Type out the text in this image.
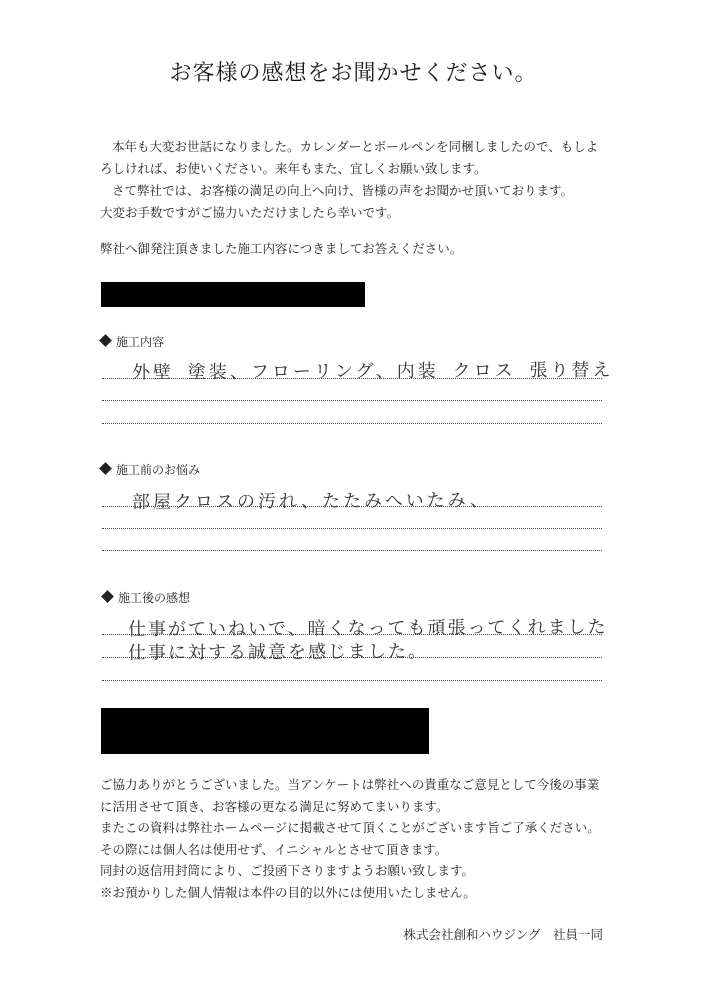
お客様の感想をお聞かせください。

本年も大変お世話になりました。カレンダーとボールペンを同梱しましたので、もしよ

ろしければ、お使いください。来年もまた、宜しくお願い致します。

さて弊社では、お客様の満足の向上へ向け、皆様の声をお聞かせ頂いております。

大変お手数ですがご協力いただけましたら幸いです。

弊社へ御発注頂きました施工内容につきましてお答えください。

施工内容
外壁 塗装、フローリング、内装 クロス 張り替え
施工前のお悩み
部屋クロスの汚れ、たたみへいたみ、
施工後の感想
仕事がていねいで、暗くなっても頑張ってくれました
仕事に対する誠意を感じました。

ご協力ありがとうございました。当アンケートは弊社への貴重なご意見として今後の事業

に活用させて頂き、お客様の更なる満足に努めてまいります。

またこの資料は弊社ホームページに掲載させて頂くことがございます旨ご了承ください。

その際には個人名は使用せず、イニシャルとさせて頂きます。

同封の返信用封筒により、ご投函下さりますようお願い致します。

※お預かりした個人情報は本件の目的以外には使用いたしません。

株式会社創和ハウジング　社員一同
